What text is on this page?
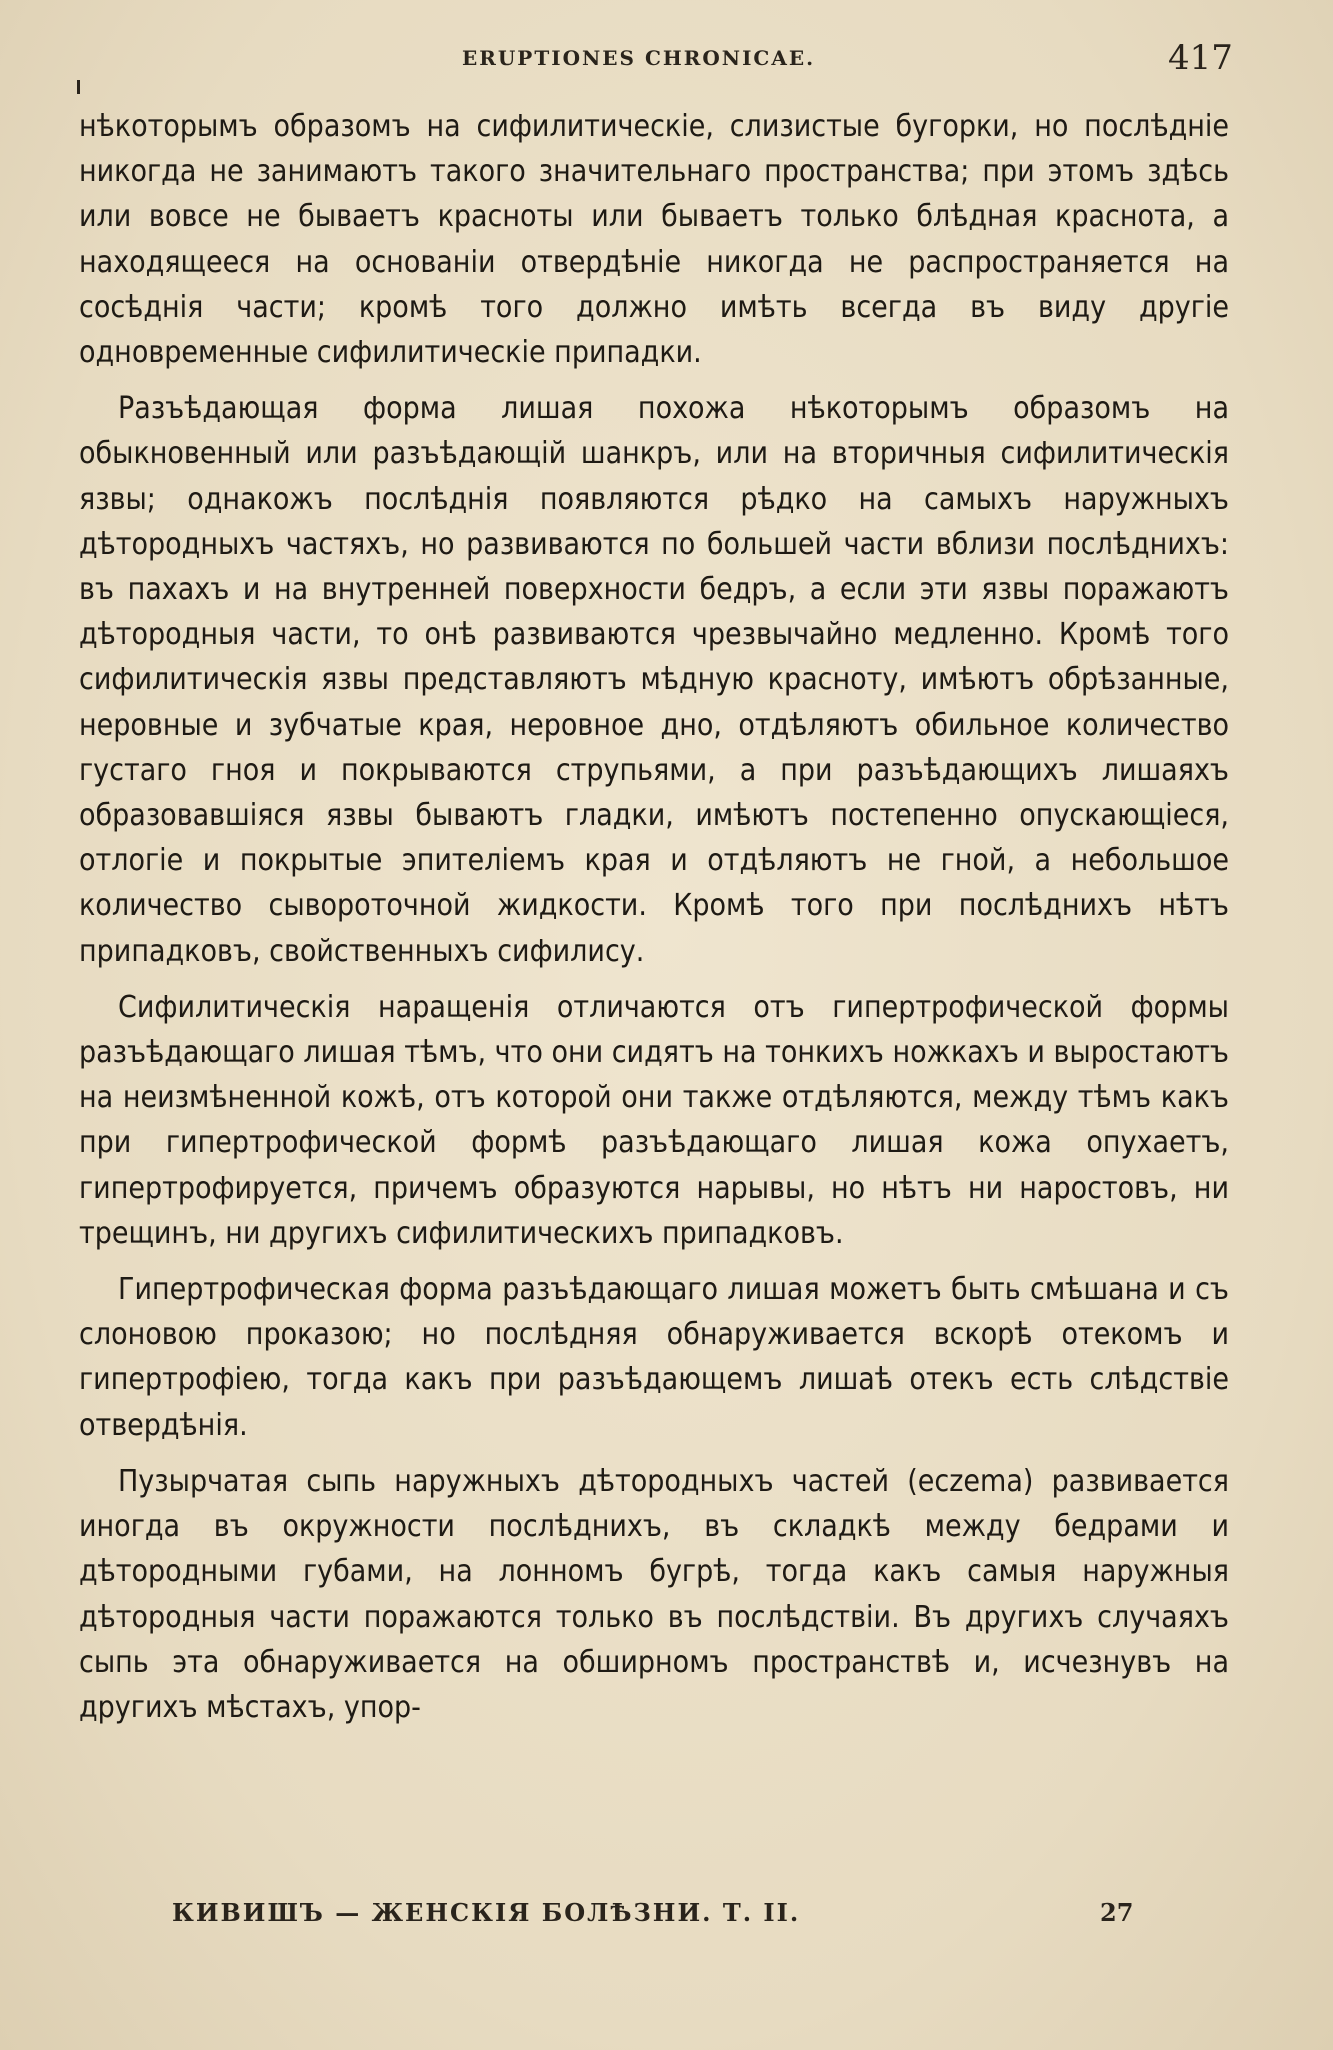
ERUPTIONES CHRONICAE.	417

нѣкоторымъ образомъ на сифилитическіе, слизистые бугорки, но послѣдніе никогда не занимаютъ такого значительнаго пространства; при этомъ здѣсь или вовсе не бываетъ красноты или бываетъ только блѣдная краснота, а находящееся на основаніи отвердѣніе никогда не распространяется на сосѣднія части; кромѣ того должно имѣть всегда въ виду другіе одновременные сифилитическіе припадки.

Разъѣдающая форма лишая похожа нѣкоторымъ образомъ на обыкновенный или разъѣдающій шанкръ, или на вторичныя сифилитическія язвы; однакожъ послѣднія появляются рѣдко на самыхъ наружныхъ дѣтородныхъ частяхъ, но развиваются по большей части вблизи послѣднихъ: въ пахахъ и на внутренней поверхности бедръ, а если эти язвы поражаютъ дѣтородныя части, то онѣ развиваются чрезвычайно медленно. Кромѣ того сифилитическія язвы представляютъ мѣдную красноту, имѣютъ обрѣзанные, неровные и зубчатые края, неровное дно, отдѣляютъ обильное количество густаго гноя и покрываются струпьями, а при разъѣдающихъ лишаяхъ образовавшіяся язвы бываютъ гладки, имѣютъ постепенно опускающіеся, отлогіе и покрытые эпителіемъ края и отдѣляютъ не гной, а небольшое количество сывороточной жидкости. Кромѣ того при послѣднихъ нѣтъ припадковъ, свойственныхъ сифилису.

Сифилитическія наращенія отличаются отъ гипертрофической формы разъѣдающаго лишая тѣмъ, что они сидятъ на тонкихъ ножкахъ и выростаютъ на неизмѣненной кожѣ, отъ которой они также отдѣляются, между тѣмъ какъ при гипертрофической формѣ разъѣдающаго лишая кожа опухаетъ, гипертрофируется, причемъ образуются нарывы, но нѣтъ ни наростовъ, ни трещинъ, ни другихъ сифилитическихъ припадковъ.

Гипертрофическая форма разъѣдающаго лишая можетъ быть смѣшана и съ слоновою проказою; но послѣдняя обнаруживается вскорѣ отекомъ и гипертрофіею, тогда какъ при разъѣдающемъ лишаѣ отекъ есть слѣдствіе отвердѣнія.

Пузырчатая сыпь наружныхъ дѣтородныхъ частей (eczema) развивается иногда въ окружности послѣднихъ, въ складкѣ между бедрами и дѣтородными губами, на лонномъ бугрѣ, тогда какъ самыя наружныя дѣтородныя части поражаются только въ послѣдствіи. Въ другихъ случаяхъ сыпь эта обнаруживается на обширномъ пространствѣ и, исчезнувъ на другихъ мѣстахъ, упор-

КИВИШЪ — ЖЕНСКІЯ БОЛѢЗНИ. Т. II.	27
